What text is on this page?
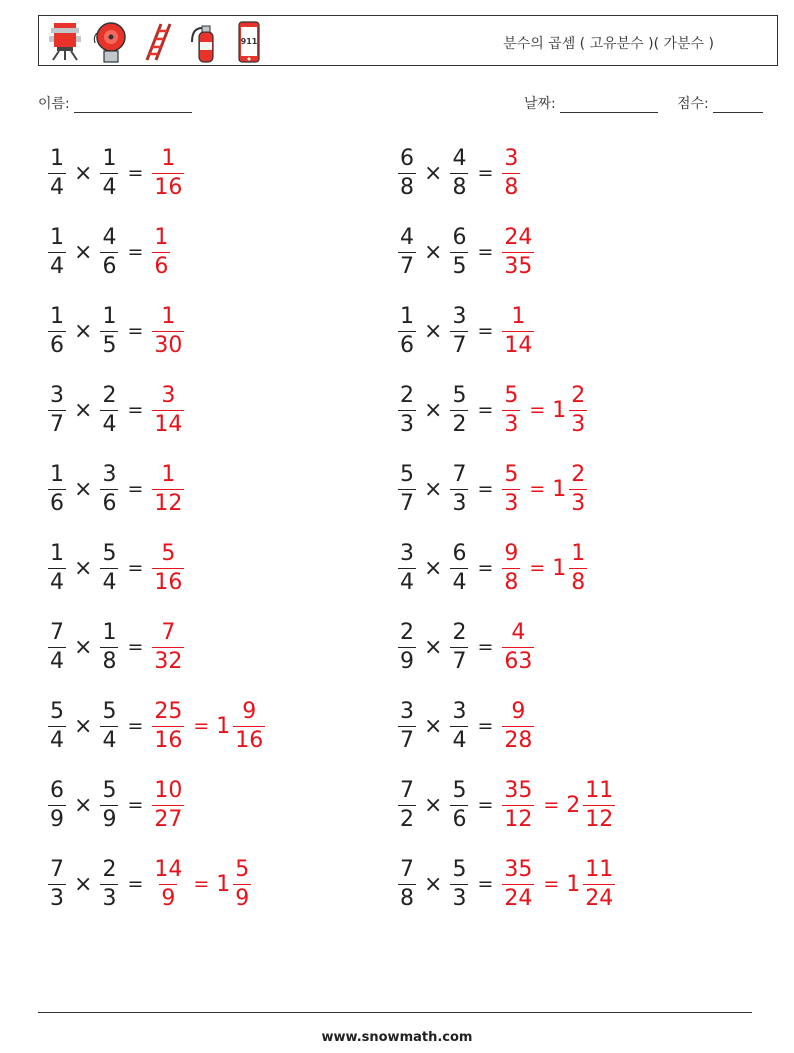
911	분수의 곱셈 ( 고유분수 )( 가분수 )
이름:	날짜:	점수:
$\frac{1}{4} \times \frac{1}{4} = \frac{1}{16}$	$\frac{6}{8} \times \frac{4}{8} = \frac{3}{8}$
$\frac{1}{4} \times \frac{4}{6} = \frac{1}{6}$	$\frac{4}{7} \times \frac{6}{5} = \frac{24}{35}$
$\frac{1}{6} \times \frac{1}{5} = \frac{1}{30}$	$\frac{1}{6} \times \frac{3}{7} = \frac{1}{14}$
$\frac{3}{7} \times \frac{2}{4} = \frac{3}{14}$	$\frac{2}{3} \times \frac{5}{2} = \frac{5}{3} = 1 \frac{2}{3}$
$\frac{1}{6} \times \frac{3}{6} = \frac{1}{12}$	$\frac{5}{7} \times \frac{7}{3} = \frac{5}{3} = 1 \frac{2}{3}$
$\frac{1}{4} \times \frac{5}{4} = \frac{5}{16}$	$\frac{3}{4} \times \frac{6}{4} = \frac{9}{8} = 1 \frac{1}{8}$
$\frac{7}{4} \times \frac{1}{8} = \frac{7}{32}$	$\frac{2}{9} \times \frac{2}{7} = \frac{4}{63}$
$\frac{5}{4} \times \frac{5}{4} = \frac{25}{16} = 1 \frac{9}{16}$	$\frac{3}{7} \times \frac{3}{4} = \frac{9}{28}$
$\frac{6}{9} \times \frac{5}{9} = \frac{10}{27}$	$\frac{7}{2} \times \frac{5}{6} = \frac{35}{12} = 2 \frac{11}{12}$
$\frac{7}{3} \times \frac{2}{3} = \frac{14}{9} = 1 \frac{5}{9}$	$\frac{7}{8} \times \frac{5}{3} = \frac{35}{24} = 1 \frac{11}{24}$
www.snowmath.com
